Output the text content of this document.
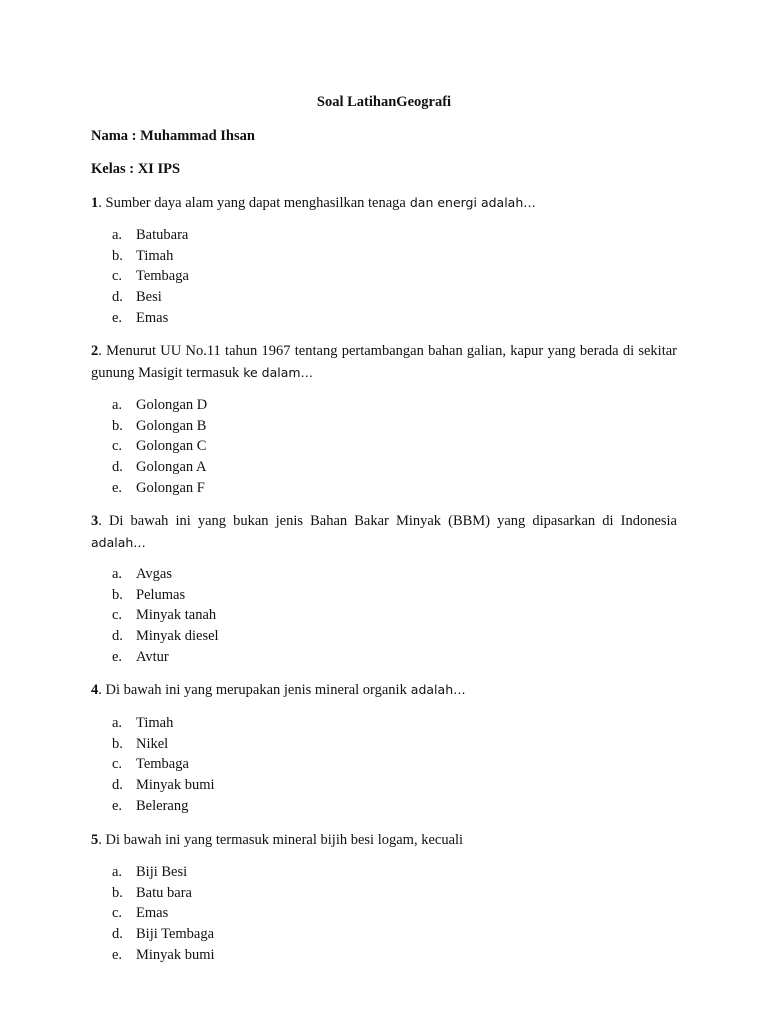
Soal LatihanGeografi
Nama : Muhammad Ihsan
Kelas : XI IPS
1. Sumber daya alam yang dapat menghasilkan tenaga dan energi adalah…
a. Batubara
b. Timah
c. Tembaga
d. Besi
e. Emas
2. Menurut UU No.11 tahun 1967 tentang pertambangan bahan galian, kapur yang berada di sekitar gunung Masigit termasuk ke dalam…
a. Golongan D
b. Golongan B
c. Golongan C
d. Golongan A
e. Golongan F
3. Di bawah ini yang bukan jenis Bahan Bakar Minyak (BBM) yang dipasarkan di Indonesia adalah…
a. Avgas
b. Pelumas
c. Minyak tanah
d. Minyak diesel
e. Avtur
4. Di bawah ini yang merupakan jenis mineral organik adalah…
a. Timah
b. Nikel
c. Tembaga
d. Minyak bumi
e. Belerang
5. Di bawah ini yang termasuk mineral bijih besi logam, kecuali
a. Biji Besi
b. Batu bara
c. Emas
d. Biji Tembaga
e. Minyak bumi
